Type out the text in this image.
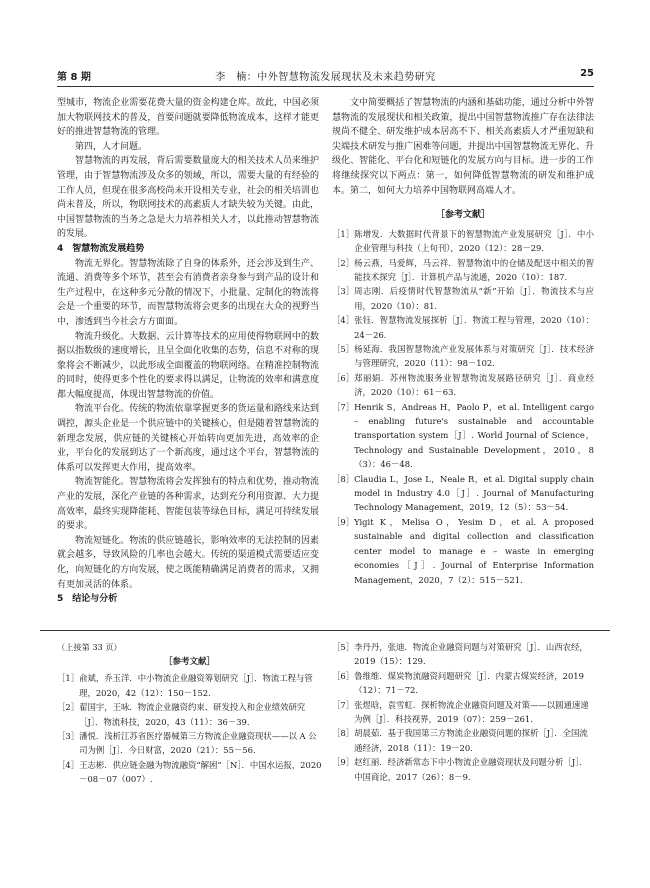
第 8 期	李　楠：中外智慧物流发展现状及未来趋势研究	25

型城市，物流企业需要花费大量的资金构建仓库。故此，中国必须加大物联网技术的普及，首要问题就要降低物流成本，这样才能更好的推进智慧物流的管理。

第四，人才问题。

智慧物流的再发展，背后需要数量庞大的相关技术人员来维护管理，由于智慧物流涉及众多的领域，所以，需要大量的有经验的工作人员，但现在很多高校尚未开设相关专业，社会的相关培训也尚未普及，所以，物联网技术的高素质人才缺失较为关键。由此，中国智慧物流的当务之急是大力培养相关人才，以此推动智慧物流的发展。

4　智慧物流发展趋势

物流无界化。智慧物流除了自身的体系外，还会涉及到生产、流通、消费等多个环节，甚至会有消费者亲身参与到产品的设计和生产过程中，在这种多元分散的情况下，小批量、定制化的物流将会是一个重要的环节，而智慧物流将会更多的出现在大众的视野当中，渗透到当今社会方方面面。

物流升级化。大数据、云计算等技术的应用使得物联网中的数据以指数级的速度增长，且呈全面化收集的态势，信息不对称的现象将会不断减少，以此形成全面覆盖的物联网络。在精准控制物流的同时，使得更多个性化的要求得以满足，让物流的效率和满意度都大幅度提高，体现出智慧物流的价值。

物流平台化。传统的物流依靠掌握更多的货运量和路线来达到调控，源头企业是一个供应链中的关键核心，但是随着智慧物流的新理念发展，供应链的关键核心开始转向更加先进，高效率的企业，平台化的发展到达了一个新高度，通过这个平台，智慧物流的体系可以发挥更大作用，提高效率。

物流智能化。智慧物流将会发挥独有的特点和优势，推动物流产业的发展，深化产业链的各种需求，达到充分利用资源、大力提高效率，最终实现降能耗、智能包装等绿色目标，满足可持续发展的要求。

物流短链化。物流的供应链越长，影响效率的无法控制的因素就会越多，导致风险的几率也会越大。传统的渠道模式需要适应变化，向短链化的方向发展，使之既能精确满足消费者的需求，又拥有更加灵活的体系。

5　结论与分析

文中简要概括了智慧物流的内涵和基础功能，通过分析中外智慧物流的发展现状和相关政策，提出中国智慧物流推广存在法律法规尚不健全、研发维护成本居高不下、相关高素质人才严重短缺和尖端技术研发与推广困难等问题，并提出中国智慧物流无界化、升级化、智能化、平台化和短链化的发展方向与目标。进一步的工作将继续探究以下两点：第一，如何降低智慧物流的研发和维护成本。第二，如何大力培养中国物联网高端人才。

［参考文献］
［1］ 陈增发．大数据时代背景下的智慧物流产业发展研究［J］．中小企业管理与科技（上旬刊），2020（12）：28－29.
［2］ 杨云燕，马爱辉，马云祥．智慧物流中的仓储及配送中相关的智能技术探究［J］．计算机产品与流通，2020（10）：187.
［3］ 周志刚．后疫情时代智慧物流从“新”开始［J］．物流技术与应用，2020（10）：81.
［4］ 张钰．智慧物流发展探析［J］．物流工程与管理，2020（10）：24－26.
［5］ 杨延海．我国智慧物流产业发展体系与对策研究［J］．技术经济与管理研究，2020（11）：98－102.
［6］ 郑丽娟．苏州物流服务业智慧物流发展路径研究［J］．商业经济，2020（10）：61－63.
［7］ Henrik S，Andreas H，Paolo P，et al. Intelligent cargo – enabling future's sustainable and accountable transportation system［J］. World Journal of Science，Technology and Sustainable Development，2010，8（3）：46－48.
［8］ Claudia L，Jose L，Neale R，et al. Digital supply chain model in Industry 4.0［J］. Journal of Manufacturing Technology Management，2019，12（5）：53－54.
［9］ Yigit K，Melisa O，Yesim D，et al. A proposed sustainable and digital collection and classification center model to manage e – waste in emerging economies［J］. Journal of Enterprise Information Management，2020，7（2）：515－521.
（上接第 33 页）
［参考文献］
［1］ 俞斌，乔玉洋．中小物流企业融资筹划研究［J］．物流工程与管理，2020，42（12）：150－152.
［2］ 翟国宇，王咏．物流企业融资约束、研发投入和企业绩效研究［J］．物流科技，2020，43（11）：36－39.
［3］ 潘悦．浅析江苏省医疗器械第三方物流企业融资现状——以 A 公司为例［J］．今日财富，2020（21）：55－56.
［4］ 王志彬．供应链金融为物流融资“解困”［N］．中国水运报，2020－08－07（007）.
［5］ 李丹丹，张迪．物流企业融资问题与对策研究［J］．山西农经，2019（15）：129.
［6］ 鲁维维．煤炭物流融资问题研究［J］．内蒙古煤炭经济，2019（12）：71－72.
［7］ 张煜晗，袁雪虹．探析物流企业融资问题及对策——以圆通速递为例［J］．科技视界，2019（07）：259－261.
［8］ 胡晨茹．基于我国第三方物流企业融资问题的探析［J］．全国流通经济，2018（11）：19－20.
［9］ 赵红丽．经济新常态下中小物流企业融资现状及问题分析［J］．中国商论，2017（26）：8－9.
